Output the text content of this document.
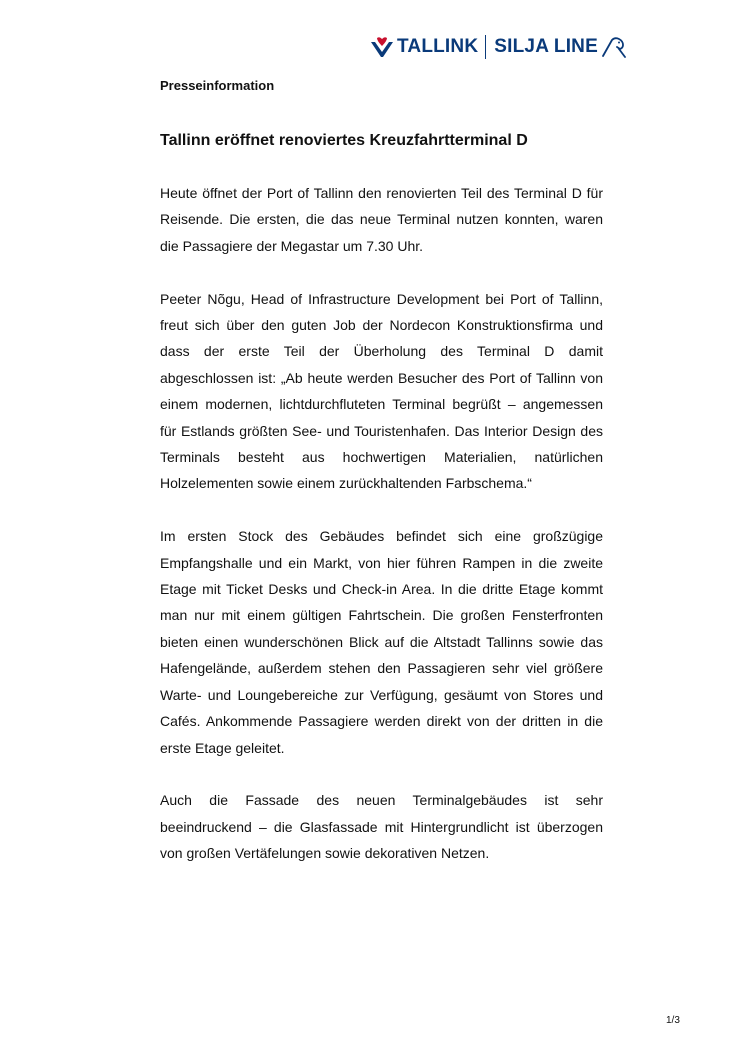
TALLINK SILJA LINE
Presseinformation
Tallinn eröffnet renoviertes Kreuzfahrtterminal D

Heute öffnet der Port of Tallinn den renovierten Teil des Terminal D für Reisende. Die ersten, die das neue Terminal nutzen konnten, waren die Passagiere der Megastar um 7.30 Uhr.

Peeter Nõgu, Head of Infrastructure Development bei Port of Tallinn, freut sich über den guten Job der Nordecon Konstruktionsfirma und dass der erste Teil der Überholung des Terminal D damit abgeschlossen ist: „Ab heute werden Besucher des Port of Tallinn von einem modernen, lichtdurchfluteten Terminal begrüßt – angemessen für Estlands größten See- und Touristenhafen. Das Interior Design des Terminals besteht aus hochwertigen Materialien, natürlichen Holzelementen sowie einem zurückhaltenden Farbschema.“

Im ersten Stock des Gebäudes befindet sich eine großzügige Empfangshalle und ein Markt, von hier führen Rampen in die zweite Etage mit Ticket Desks und Check-in Area. In die dritte Etage kommt man nur mit einem gültigen Fahrtschein. Die großen Fensterfronten bieten einen wunderschönen Blick auf die Altstadt Tallinns sowie das Hafengelände, außerdem stehen den Passagieren sehr viel größere Warte- und Loungebereiche zur Verfügung, gesäumt von Stores und Cafés. Ankommende Passagiere werden direkt von der dritten in die erste Etage geleitet.

Auch die Fassade des neuen Terminalgebäudes ist sehr beeindruckend – die Glasfassade mit Hintergrundlicht ist überzogen von großen Vertäfelungen sowie dekorativen Netzen.

1/3
